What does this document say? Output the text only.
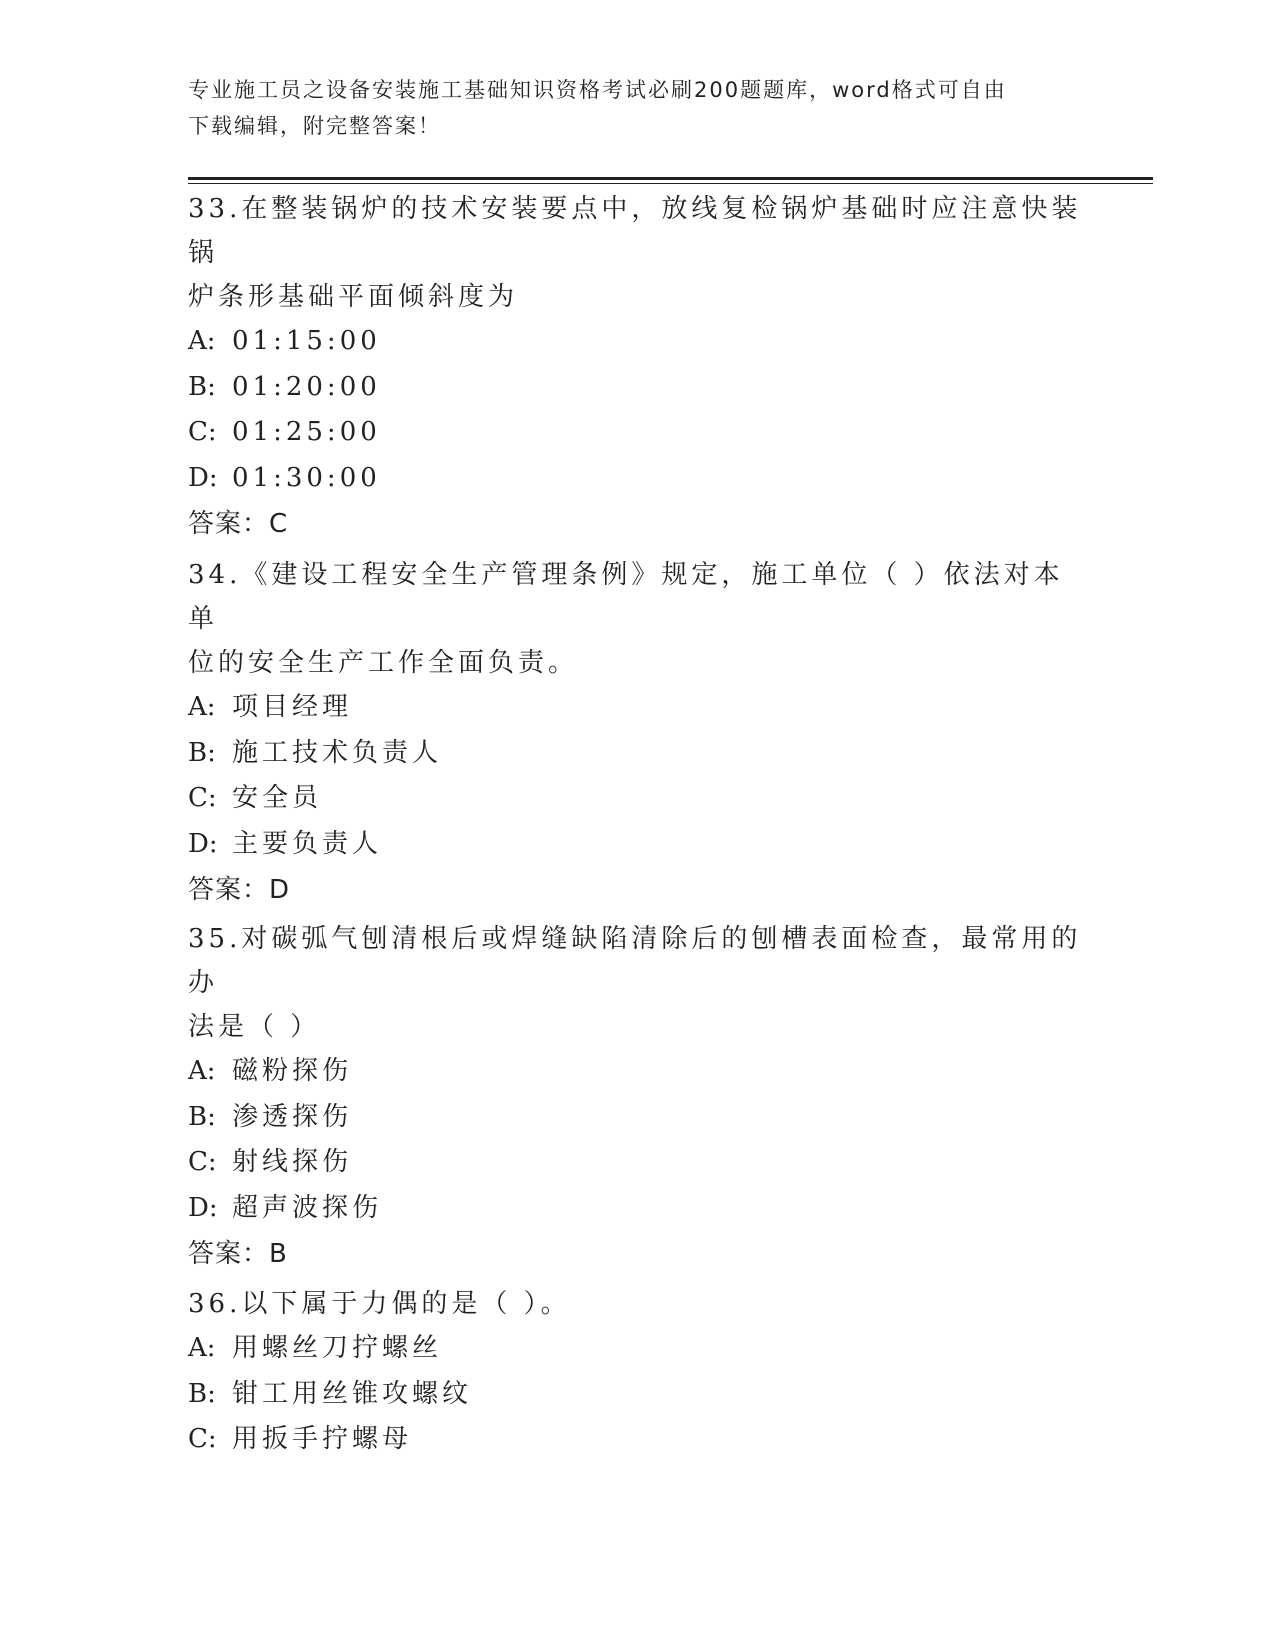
专业施工员之设备安装施工基础知识资格考试必刷200题题库，word格式可自由
下载编辑，附完整答案！
33.在整装锅炉的技术安装要点中，放线复检锅炉基础时应注意快装锅
炉条形基础平面倾斜度为
A: 01:15:00
B: 01:20:00
C: 01:25:00
D: 01:30:00
答案：C
34.《建设工程安全生产管理条例》规定，施工单位（ ）依法对本单
位的安全生产工作全面负责。
A: 项目经理
B: 施工技术负责人
C: 安全员
D: 主要负责人
答案：D
35.对碳弧气刨清根后或焊缝缺陷清除后的刨槽表面检查，最常用的办
法是（ ）
A: 磁粉探伤
B: 渗透探伤
C: 射线探伤
D: 超声波探伤
答案：B
36.以下属于力偶的是（ ）。
A: 用螺丝刀拧螺丝
B: 钳工用丝锥攻螺纹
C: 用扳手拧螺母
